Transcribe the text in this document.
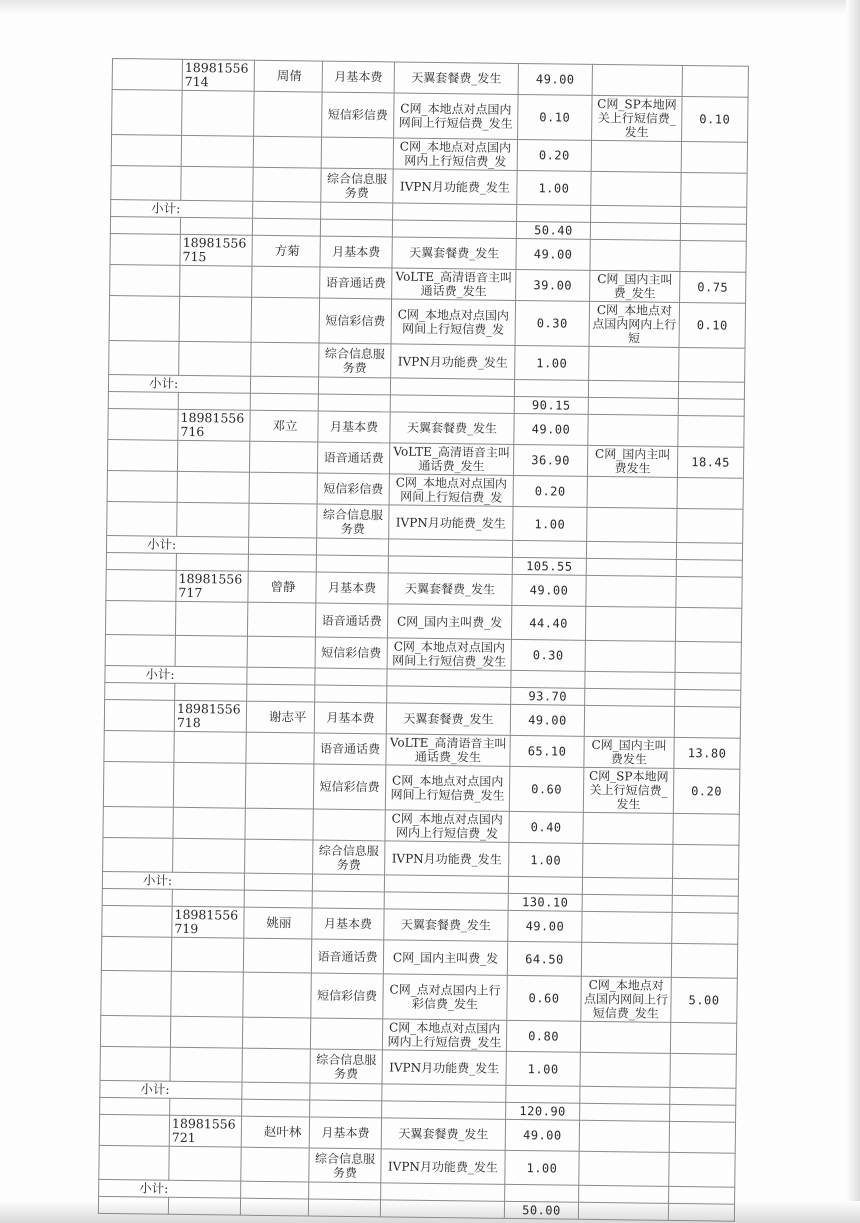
	18981556714	周倩	月基本费	天翼套餐费_发生	49.00		
			短信彩信费	C网_本地点对点国内网间上行短信费_发生	0.10	C网_SP本地网关上行短信费_发生	0.10
				C网_本地点对点国内网内上行短信费_发	0.20		
			综合信息服务费	IVPN月功能费_发生	1.00		
小计:							
					50.40		
	18981556715	方菊	月基本费	天翼套餐费_发生	49.00		
			语音通话费	VoLTE_高清语音主叫通话费_发生	39.00	C网_国内主叫费_发生	0.75
			短信彩信费	C网_本地点对点国内网间上行短信费_发	0.30	C网_本地点对点国内网内上行短	0.10
			综合信息服务费	IVPN月功能费_发生	1.00		
小计:							
					90.15		
	18981556716	邓立	月基本费	天翼套餐费_发生	49.00		
			语音通话费	VoLTE_高清语音主叫通话费_发生	36.90	C网_国内主叫费发生	18.45
			短信彩信费	C网_本地点对点国内网间上行短信费_发	0.20		
			综合信息服务费	IVPN月功能费_发生	1.00		
小计:							
					105.55		
	18981556717	曾静	月基本费	天翼套餐费_发生	49.00		
			语音通话费	C网_国内主叫费_发	44.40		
			短信彩信费	C网_本地点对点国内网间上行短信费_发生	0.30		
小计:							
					93.70		
	18981556718	谢志平	月基本费	天翼套餐费_发生	49.00		
			语音通话费	VoLTE_高清语音主叫通话费_发生	65.10	C网_国内主叫费发生	13.80
			短信彩信费	C网_本地点对点国内网间上行短信费_发生	0.60	C网_SP本地网关上行短信费_发生	0.20
				C网_本地点对点国内网内上行短信费_发	0.40		
			综合信息服务费	IVPN月功能费_发生	1.00		
小计:							
					130.10		
	18981556719	姚丽	月基本费	天翼套餐费_发生	49.00		
			语音通话费	C网_国内主叫费_发	64.50		
			短信彩信费	C网_点对点国内上行彩信费_发生	0.60	C网_本地点对点国内网间上行短信费_发生	5.00
				C网_本地点对点国内网内上行短信费_发生	0.80		
			综合信息服务费	IVPN月功能费_发生	1.00		
小计:							
					120.90		
	18981556721	赵叶林	月基本费	天翼套餐费_发生	49.00		
			综合信息服务费	IVPN月功能费_发生	1.00		
小计:							
					50.00		
